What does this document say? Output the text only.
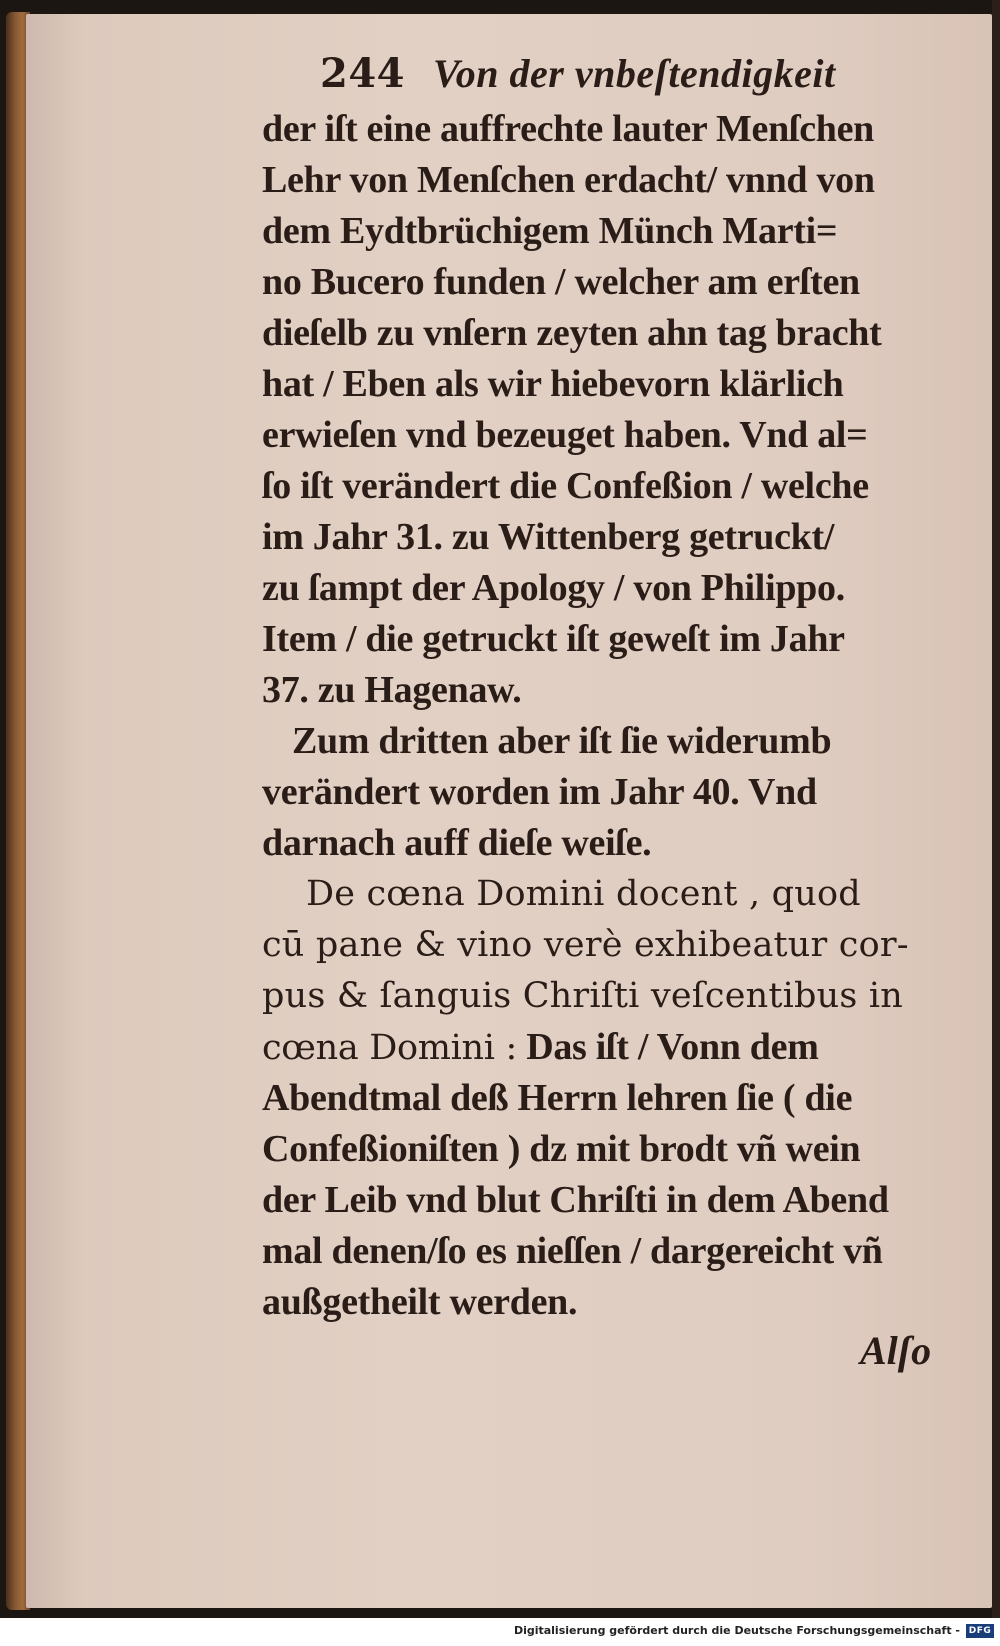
244 Von der vnbeſtendigkeit
der iſt eine auffrechte lauter Menſchen
Lehr von Menſchen erdacht/ vnnd von
dem Eydtbrüchigem Münch Marti=
no Bucero funden / welcher am erſten
dieſelb zu vnſern zeyten ahn tag bracht
hat / Eben als wir hiebevorn klärlich
erwieſen vnd bezeuget haben. Vnd al=
ſo iſt verändert die Confeßion / welche
im Jahr 31. zu Wittenberg getruckt/
zu ſampt der Apology / von Philippo.
Item / die getruckt iſt geweſt im Jahr
37. zu Hagenaw.
Zum dritten aber iſt ſie widerumb
verändert worden im Jahr 40. Vnd
darnach auff dieſe weiſe.
De cœna Domini docent , quod
cū pane & vino verè exhibeatur cor-
pus & ſanguis Chriſti veſcentibus in
cœna Domini : Das iſt / Vonn dem
Abendtmal deß Herrn lehren ſie ( die
Confeßioniſten ) dz mit brodt vñ wein
der Leib vnd blut Chriſti in dem Abend
mal denen/ſo es nieſſen / dargereicht vñ
außgetheilt werden.
Alſo
Digitalisierung gefördert durch die Deutsche Forschungsgemeinschaft - DFG
